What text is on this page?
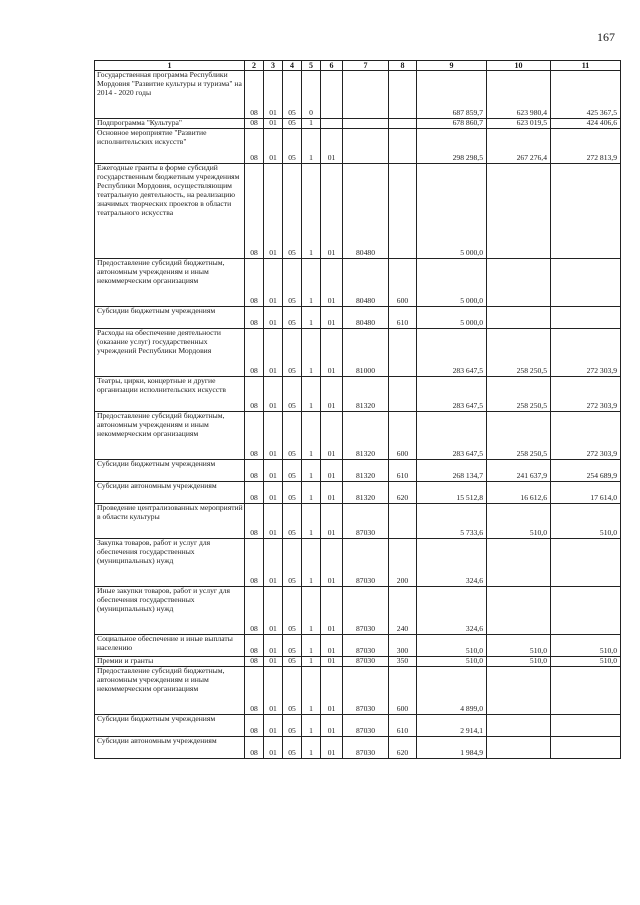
167
1	2	3	4	5	6	7	8	9	10	11

Государственная программа Республики Мордовия "Развитие культуры и туризма" на 2014 - 2020 годы	08	01	05	0				687 859,7	623 980,4	425 367,5

Подпрограмма "Культура"	08	01	05	1				678 860,7	623 019,5	424 406,6

Основное мероприятие "Развитие исполнительских искусств"	08	01	05	1	01			298 298,5	267 276,4	272 813,9

Ежегодные гранты в форме субсидий государственным бюджетным учреждениям Республики Мордовия, осуществляющим театральную деятельность, на реализацию значимых творческих проектов в области театрального искусства	08	01	05	1	01	80480		5 000,0		

Предоставление субсидий бюджетным, автономным учреждениям и иным некоммерческим организациям	08	01	05	1	01	80480	600	5 000,0		

Субсидии бюджетным учреждениям	08	01	05	1	01	80480	610	5 000,0		

Расходы на обеспечение деятельности (оказание услуг) государственных учреждений Республики Мордовия	08	01	05	1	01	81000		283 647,5	258 250,5	272 303,9

Театры, цирки, концертные и другие организации исполнительских искусств	08	01	05	1	01	81320		283 647,5	258 250,5	272 303,9

Предоставление субсидий бюджетным, автономным учреждениям и иным некоммерческим организациям	08	01	05	1	01	81320	600	283 647,5	258 250,5	272 303,9

Субсидии бюджетным учреждениям	08	01	05	1	01	81320	610	268 134,7	241 637,9	254 689,9

Субсидии автономным учреждениям	08	01	05	1	01	81320	620	15 512,8	16 612,6	17 614,0

Проведение централизованных мероприятий в области культуры	08	01	05	1	01	87030		5 733,6	510,0	510,0

Закупка товаров, работ и услуг для обеспечения государственных (муниципальных) нужд	08	01	05	1	01	87030	200	324,6		

Иные закупки товаров, работ и услуг для обеспечения государственных (муниципальных) нужд	08	01	05	1	01	87030	240	324,6		

Социальное обеспечение и иные выплаты населению	08	01	05	1	01	87030	300	510,0	510,0	510,0

Премии и гранты	08	01	05	1	01	87030	350	510,0	510,0	510,0

Предоставление субсидий бюджетным, автономным учреждениям и иным некоммерческим организациям	08	01	05	1	01	87030	600	4 899,0		

Субсидии бюджетным учреждениям	08	01	05	1	01	87030	610	2 914,1		

Субсидии автономным учреждениям	08	01	05	1	01	87030	620	1 984,9		
